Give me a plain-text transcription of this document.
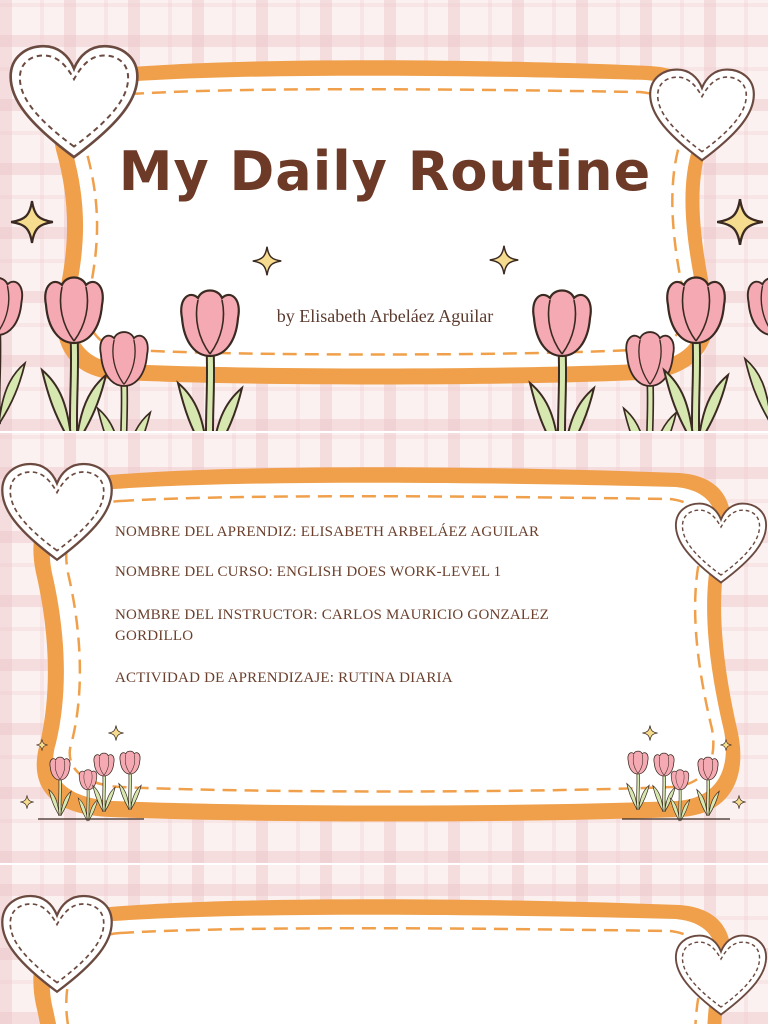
My Daily Routine

by Elisabeth Arbeláez Aguilar

NOMBRE DEL APRENDIZ: ELISABETH ARBELÁEZ AGUILAR

NOMBRE DEL CURSO: ENGLISH DOES WORK-LEVEL 1

NOMBRE DEL INSTRUCTOR: CARLOS MAURICIO GONZALEZ GORDILLO

ACTIVIDAD DE APRENDIZAJE: RUTINA DIARIA
